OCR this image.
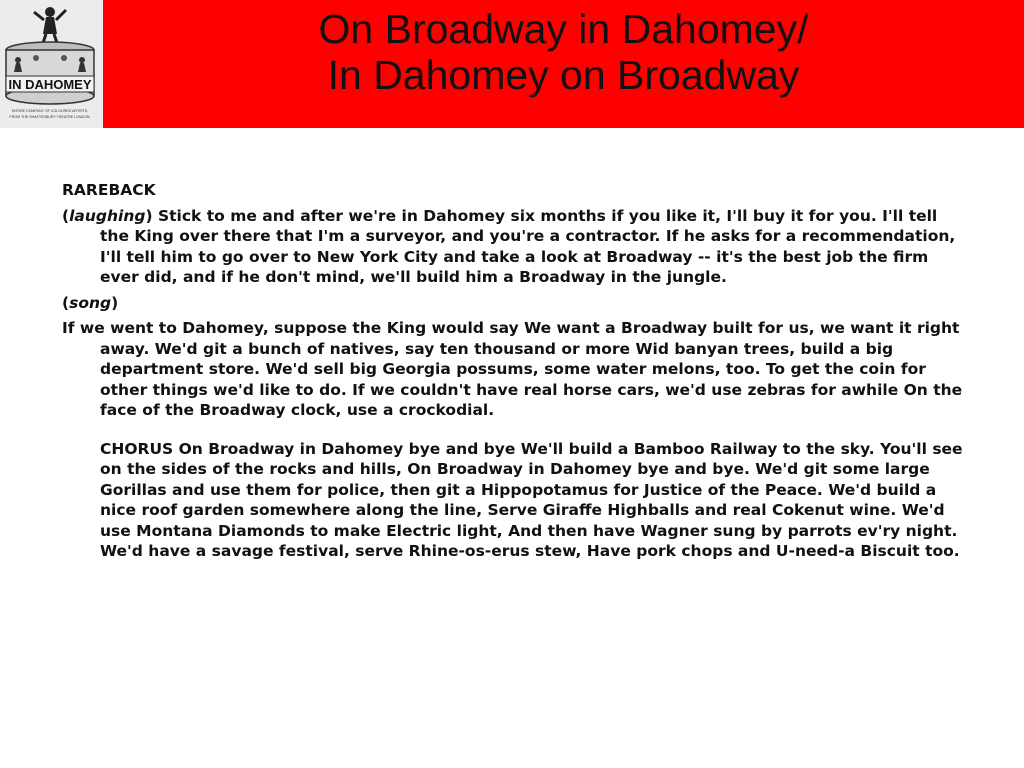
IN DAHOMEY
ENTIRE COMPANY OF COLOURED ARTISTS,
FROM THE SHAFTESBURY THEATRE LONDON.
On Broadway in Dahomey/
In Dahomey on Broadway

RAREBACK

(laughing) Stick to me and after we're in Dahomey six months if you like it, I'll buy it for you. I'll tell the King over there that I'm a surveyor, and you're a contractor. If he asks for a recommendation, I'll tell him to go over to New York City and take a look at Broadway -- it's the best job the firm ever did, and if he don't mind, we'll build him a Broadway in the jungle.

(song)

If we went to Dahomey, suppose the King would say We want a Broadway built for us, we want it right away. We'd git a bunch of natives, say ten thousand or more Wid banyan trees, build a big department store. We'd sell big Georgia possums, some water melons, too. To get the coin for other things we'd like to do. If we couldn't have real horse cars, we'd use zebras for awhile On the face of the Broadway clock, use a crockodial.

CHORUS On Broadway in Dahomey bye and bye We'll build a Bamboo Railway to the sky. You'll see on the sides of the rocks and hills, On Broadway in Dahomey bye and bye. We'd git some large Gorillas and use them for police, then git a Hippopotamus for Justice of the Peace. We'd build a nice roof garden somewhere along the line, Serve Giraffe Highballs and real Cokenut wine. We'd use Montana Diamonds to make Electric light, And then have Wagner sung by parrots ev'ry night. We'd have a savage festival, serve Rhine-os-erus stew, Have pork chops and U-need-a Biscuit too.
